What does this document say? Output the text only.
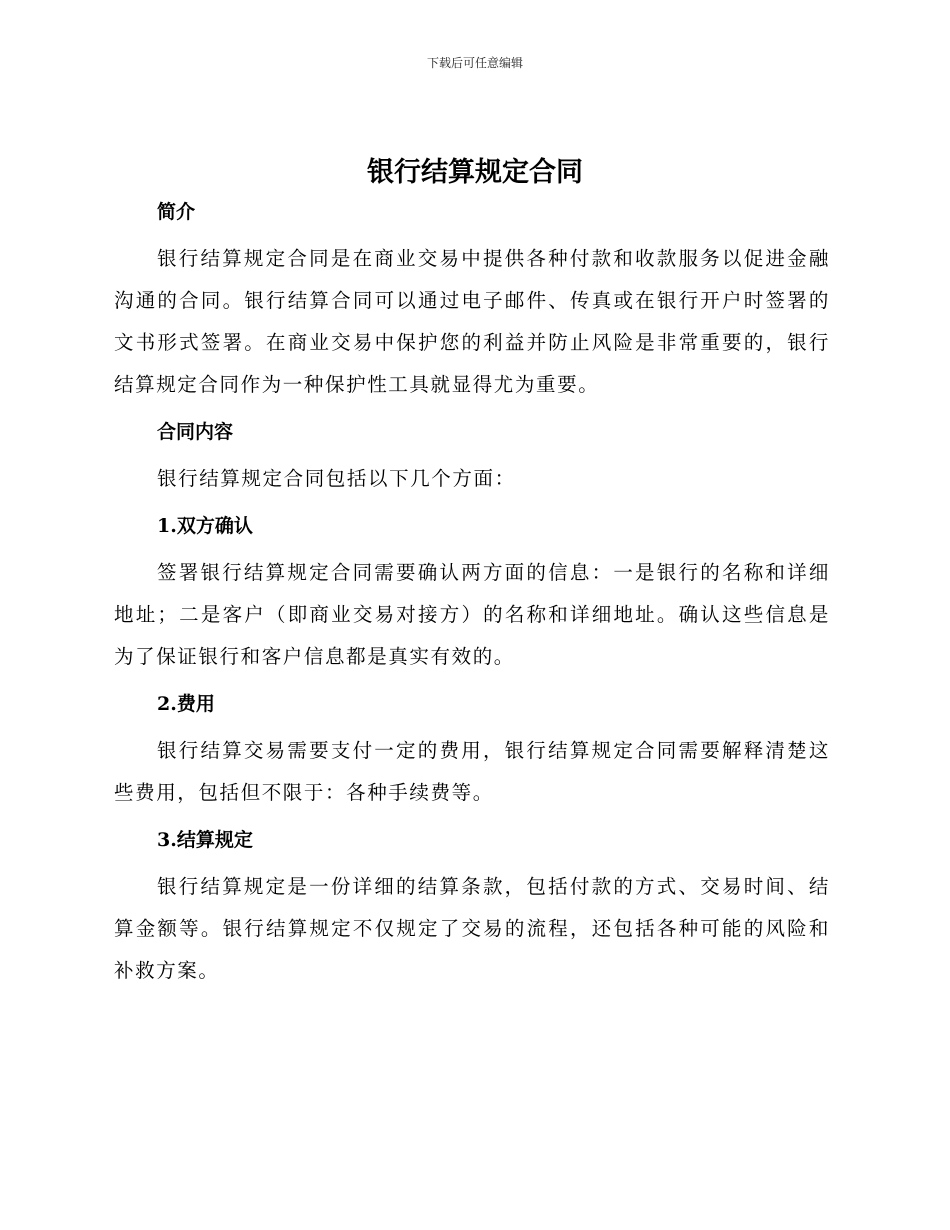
下载后可任意编辑
银行结算规定合同

简介

银行结算规定合同是在商业交易中提供各种付款和收款服务以促进金融沟通的合同。银行结算合同可以通过电子邮件、传真或在银行开户时签署的文书形式签署。在商业交易中保护您的利益并防止风险是非常重要的，银行结算规定合同作为一种保护性工具就显得尤为重要。

合同内容

银行结算规定合同包括以下几个方面：

1.双方确认

签署银行结算规定合同需要确认两方面的信息：一是银行的名称和详细地址；二是客户（即商业交易对接方）的名称和详细地址。确认这些信息是为了保证银行和客户信息都是真实有效的。

2.费用

银行结算交易需要支付一定的费用，银行结算规定合同需要解释清楚这些费用，包括但不限于：各种手续费等。

3.结算规定

银行结算规定是一份详细的结算条款，包括付款的方式、交易时间、结算金额等。银行结算规定不仅规定了交易的流程，还包括各种可能的风险和补救方案。
